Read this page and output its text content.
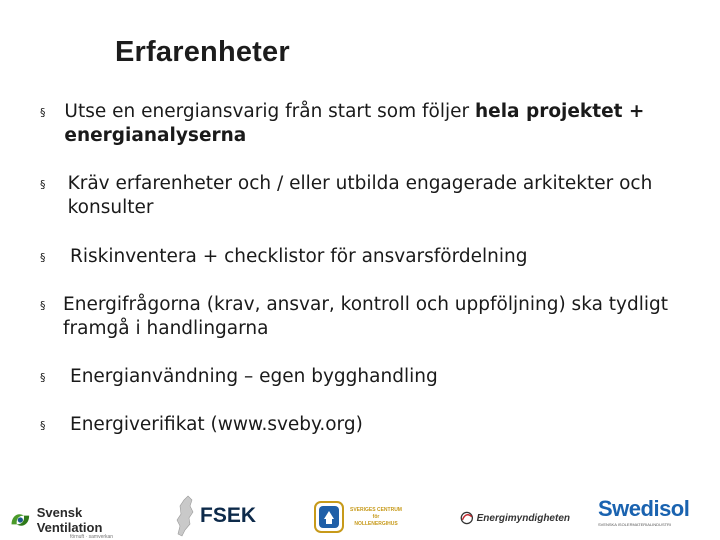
Erfarenheter
§	Utse en energiansvarig från start som följer hela projektet + energianalyserna
§	Kräv erfarenheter och / eller utbilda engagerade arkitekter och konsulter
§	Riskinventera + checklistor för ansvarsfördelning
§ Energifrågorna (krav, ansvar, kontroll och uppföljning) ska tydligt framgå i handlingarna
§	Energianvändning – egen bygghandling
§	Energiverifikat (www.sveby.org)
Svensk Ventilation
förnuft · samverkan
FSEK	SVERIGES CENTRUM
för
NOLLENERGIHUS	Energimyndigheten Swedisol
SVENSKA ISOLERMATERIALINDUSTRI
